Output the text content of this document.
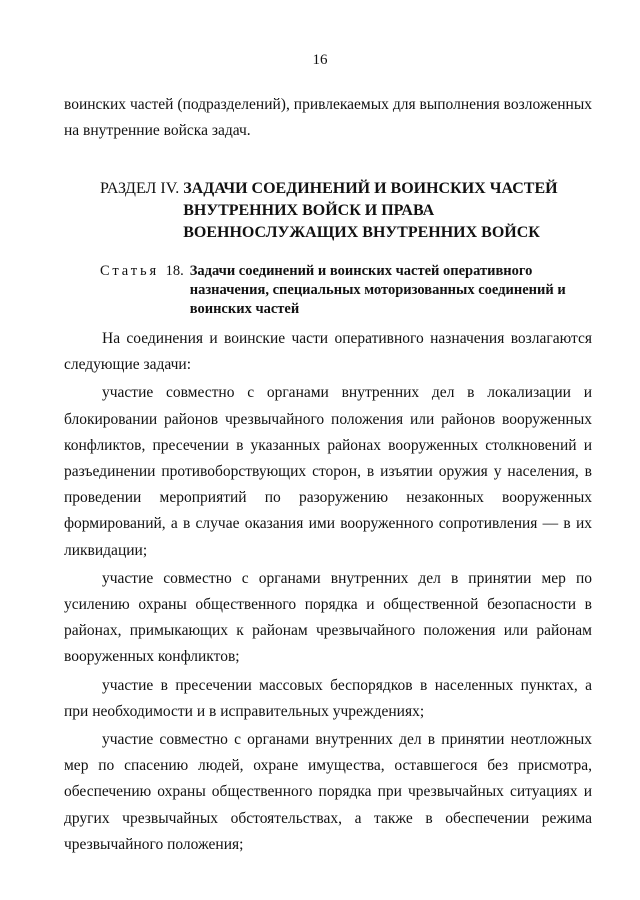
16
воинских частей (подразделений), привлекаемых для выполнения возложенных на внутренние войска задач.
РАЗДЕЛ IV. ЗАДАЧИ СОЕДИНЕНИЙ И ВОИНСКИХ ЧАСТЕЙ ВНУТРЕННИХ ВОЙСК И ПРАВА ВОЕННОСЛУЖАЩИХ ВНУТРЕННИХ ВОЙСК
Статья 18. Задачи соединений и воинских частей оперативного назначения, специальных моторизованных соединений и воинских частей

На соединения и воинские части оперативного назначения возлагаются следующие задачи:

участие совместно с органами внутренних дел в локализации и блокировании районов чрезвычайного положения или районов вооруженных конфликтов, пресечении в указанных районах вооруженных столкновений и разъединении противоборствующих сторон, в изъятии оружия у населения, в проведении мероприятий по разоружению незаконных вооруженных формирований, а в случае оказания ими вооруженного сопротивления — в их ликвидации;

участие совместно с органами внутренних дел в принятии мер по усилению охраны общественного порядка и общественной безопасности в районах, примыкающих к районам чрезвычайного положения или районам вооруженных конфликтов;

участие в пресечении массовых беспорядков в населенных пунктах, а при необходимости и в исправительных учреждениях;

участие совместно с органами внутренних дел в принятии неотложных мер по спасению людей, охране имущества, оставшегося без присмотра, обеспечению охраны общественного порядка при чрезвычайных ситуациях и других чрезвычайных обстоятельствах, а также в обеспечении режима чрезвычайного положения;
